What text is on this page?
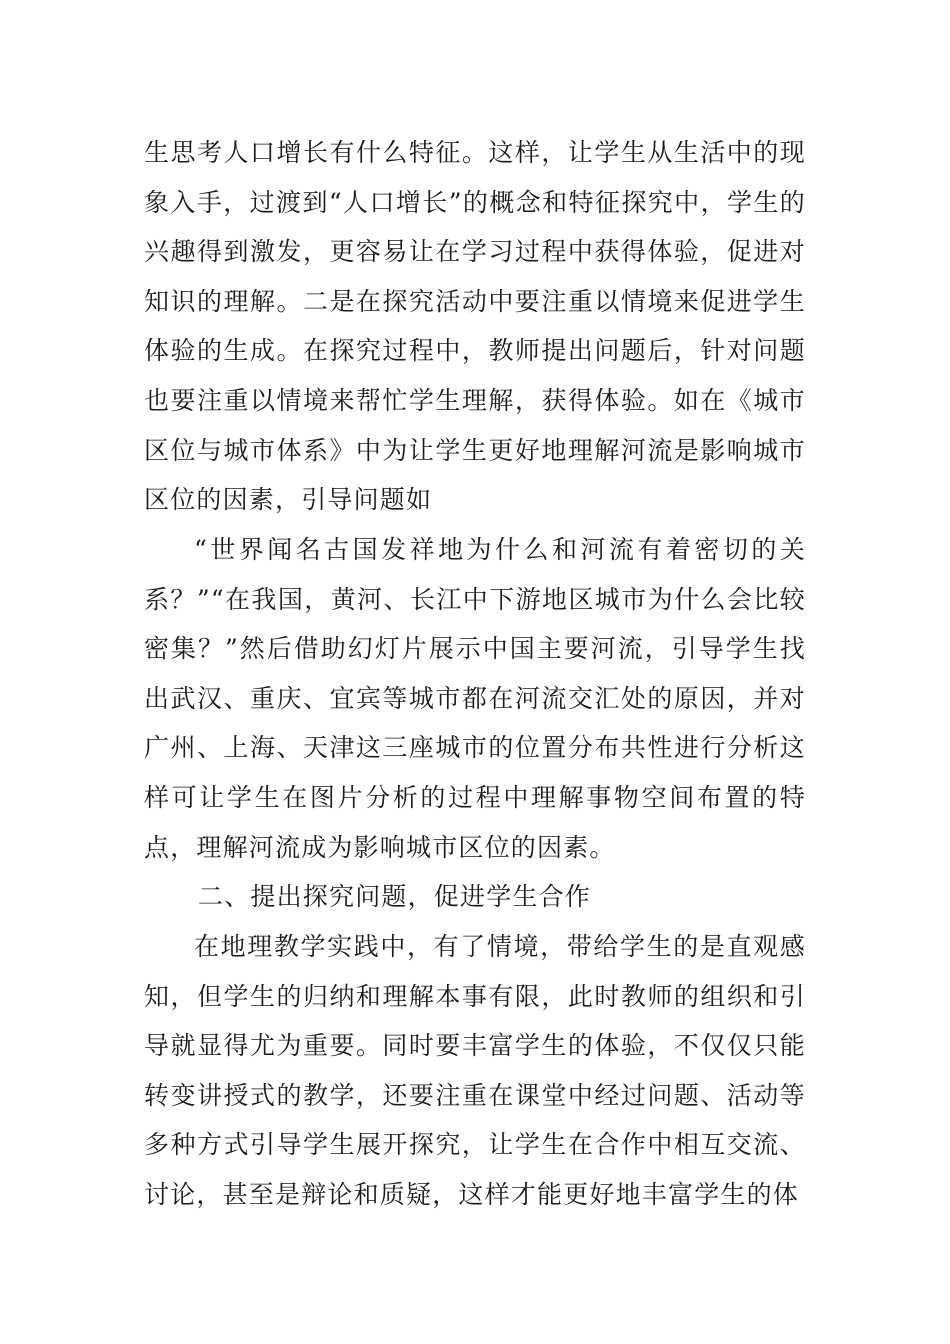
生思考人口增长有什么特征。这样，让学生从生活中的现象入手，过渡到“人口增长”的概念和特征探究中，学生的兴趣得到激发，更容易让在学习过程中获得体验，促进对知识的理解。二是在探究活动中要注重以情境来促进学生体验的生成。在探究过程中，教师提出问题后，针对问题也要注重以情境来帮忙学生理解，获得体验。如在《城市区位与城市体系》中为让学生更好地理解河流是影响城市区位的因素，引导问题如

“世界闻名古国发祥地为什么和河流有着密切的关系？”“在我国，黄河、长江中下游地区城市为什么会比较密集？”然后借助幻灯片展示中国主要河流，引导学生找出武汉、重庆、宜宾等城市都在河流交汇处的原因，并对广州、上海、天津这三座城市的位置分布共性进行分析这样可让学生在图片分析的过程中理解事物空间布置的特点，理解河流成为影响城市区位的因素。

二、提出探究问题，促进学生合作

在地理教学实践中，有了情境，带给学生的是直观感知，但学生的归纳和理解本事有限，此时教师的组织和引导就显得尤为重要。同时要丰富学生的体验，不仅仅只能转变讲授式的教学，还要注重在课堂中经过问题、活动等多种方式引导学生展开探究，让学生在合作中相互交流、讨论，甚至是辩论和质疑，这样才能更好地丰富学生的体
